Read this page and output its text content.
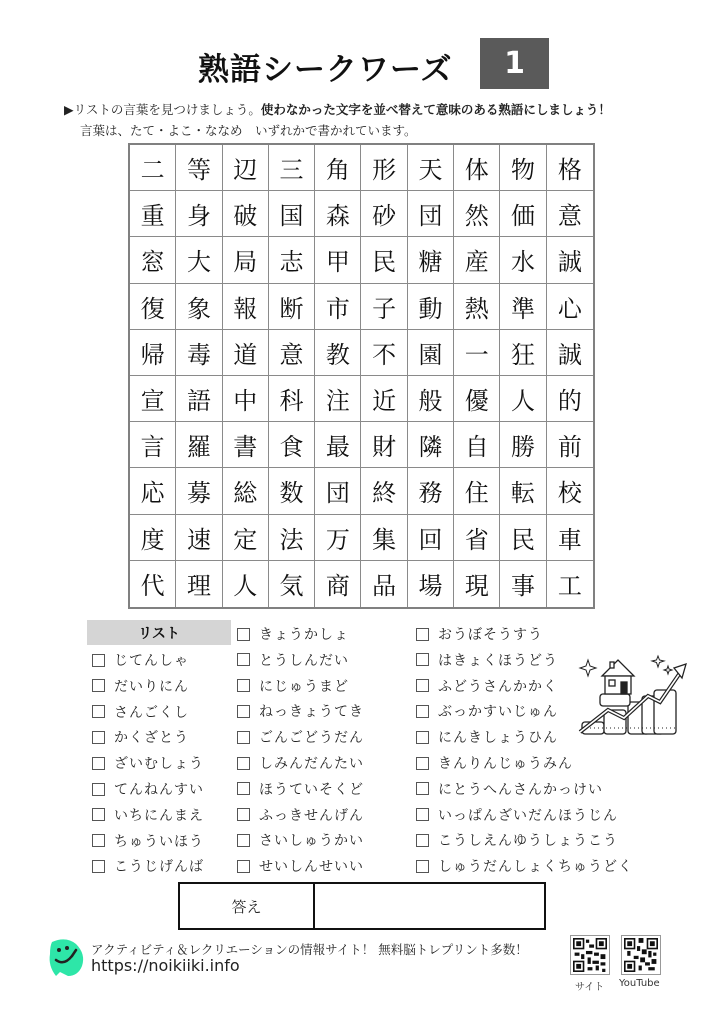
熟語シークワーズ	1
▶リストの言葉を見つけましょう。使わなかった文字を並べ替えて意味のある熟語にしましょう！
言葉は、たて・よこ・ななめ　いずれかで書かれています。
二 等 辺 三 角 形 天 体 物 格
重 身 破 国 森 砂 団 然 価 意
窓 大 局 志 甲 民 糖 産 水 誠
復 象 報 断 市 子 動 熱 準 心
帰 毒 道 意 教 不 園 一 狂 誠
宣 語 中 科 注 近 般 優 人 的
言 羅 書 食 最 財 隣 自 勝 前
応 募 総 数 団 終 務 住 転 校
度 速 定 法 万 集 回 省 民 車
代 理 人 気 商 品 場 現 事 工
リスト
じてんしゃ
だいりにん
さんごくし
かくざとう
ざいむしょう
てんねんすい
いちにんまえ
ちゅういほう
こうじげんば
きょうかしょ
とうしんだい
にじゅうまど
ねっきょうてき
ごんごどうだん
しみんだんたい
ほうていそくど
ふっきせんげん
さいしゅうかい
せいしんせいい
おうぼそうすう
はきょくほうどう
ふどうさんかかく
ぶっかすいじゅん
にんきしょうひん
きんりんじゅうみん
にとうへんさんかっけい
いっぱんざいだんほうじん
こうしえんゆうしょうこう
しゅうだんしょくちゅうどく
答え
アクティビティ＆レクリエーションの情報サイト！ 無料脳トレプリント多数！
https://noikiiki.info
サイト YouTube
